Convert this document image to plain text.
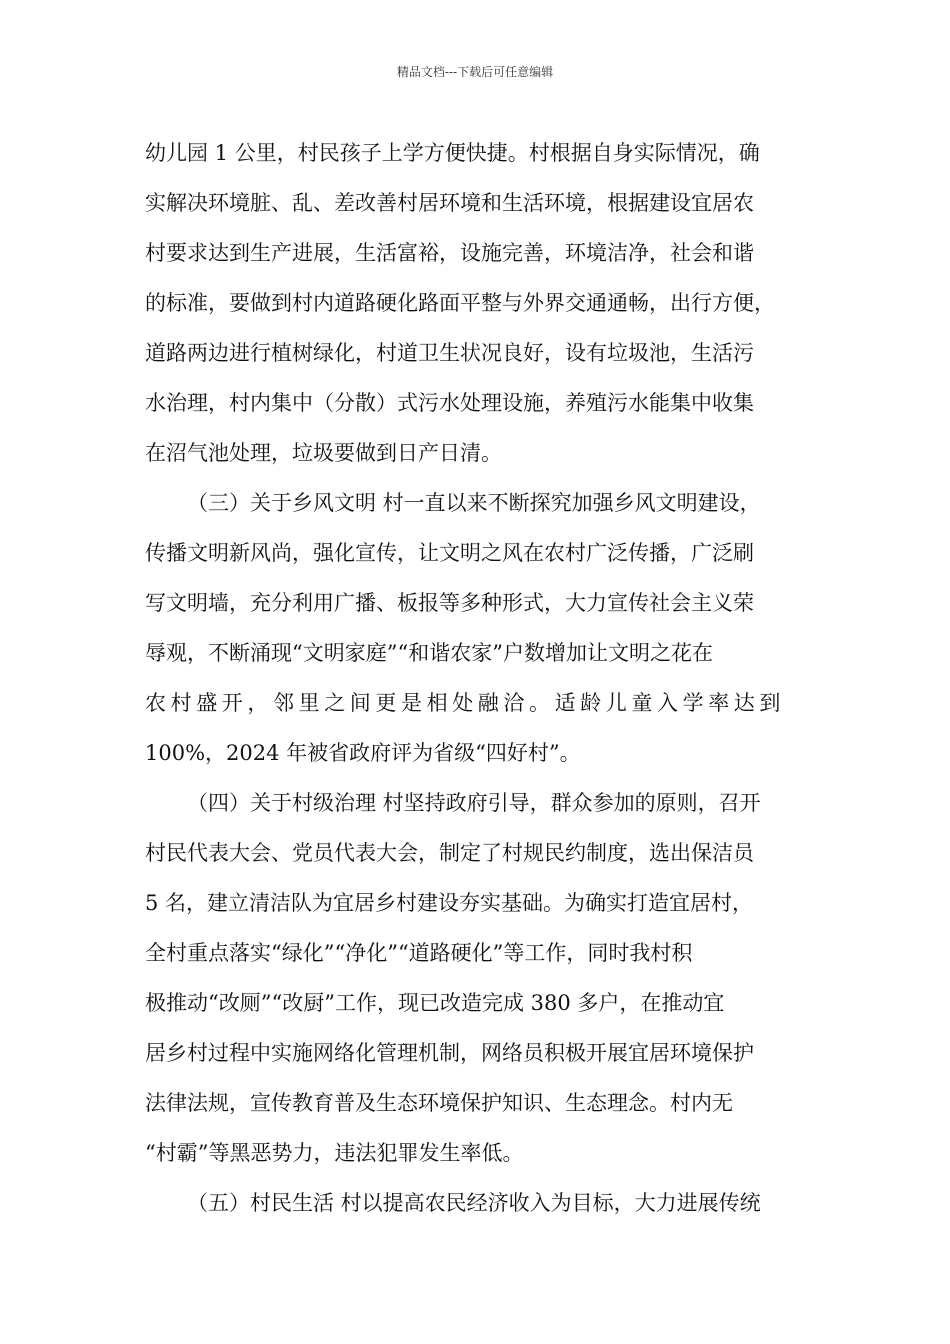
精品文档---下载后可任意编辑
幼儿园 1 公里，村民孩子上学方便快捷。村根据自身实际情况，确
实解决环境脏、乱、差改善村居环境和生活环境，根据建设宜居农
村要求达到生产进展，生活富裕，设施完善，环境洁净，社会和谐
的标准，要做到村内道路硬化路面平整与外界交通通畅，出行方便，
道路两边进行植树绿化，村道卫生状况良好，设有垃圾池，生活污
水治理，村内集中（分散）式污水处理设施，养殖污水能集中收集
在沼气池处理，垃圾要做到日产日清。
（三）关于乡风文明 村一直以来不断探究加强乡风文明建设，
传播文明新风尚，强化宣传，让文明之风在农村广泛传播，广泛刷
写文明墙，充分利用广播、板报等多种形式，大力宣传社会主义荣
辱观，不断涌现“文明家庭”“和谐农家”户数增加让文明之花在
农村盛开，邻里之间更是相处融洽。适龄儿童入学率达到
100%，2024 年被省政府评为省级“四好村”。
（四）关于村级治理 村坚持政府引导，群众参加的原则，召开
村民代表大会、党员代表大会，制定了村规民约制度，选出保洁员
5 名，建立清洁队为宜居乡村建设夯实基础。为确实打造宜居村，
全村重点落实“绿化”“净化”“道路硬化”等工作，同时我村积
极推动“改厕”“改厨”工作，现已改造完成 380 多户，在推动宜
居乡村过程中实施网络化管理机制，网络员积极开展宜居环境保护
法律法规，宣传教育普及生态环境保护知识、生态理念。村内无
“村霸”等黑恶势力，违法犯罪发生率低。
（五）村民生活 村以提高农民经济收入为目标，大力进展传统
